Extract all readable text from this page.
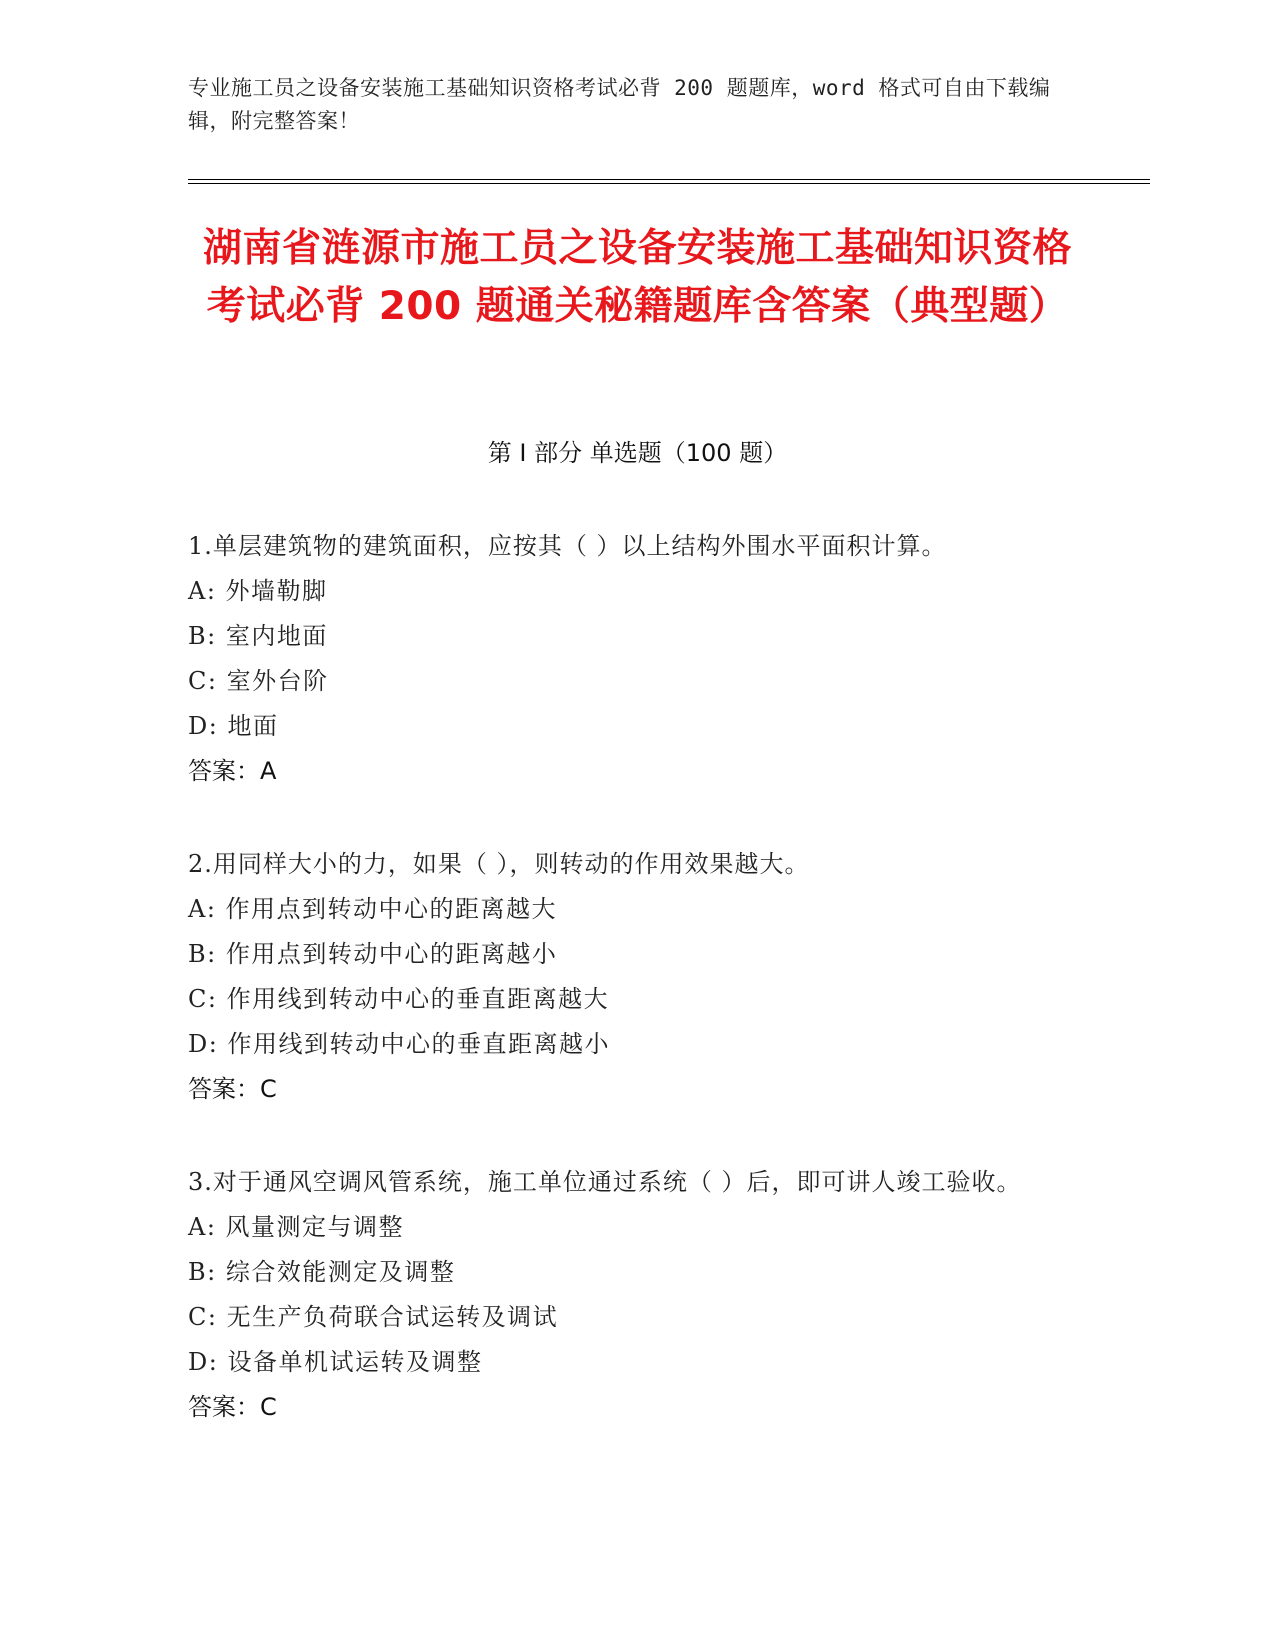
专业施工员之设备安装施工基础知识资格考试必背 200 题题库，word 格式可自由下载编辑，附完整答案！
湖南省涟源市施工员之设备安装施工基础知识资格考试必背 200 题通关秘籍题库含答案（典型题）
第 I 部分 单选题（100 题）
1.单层建筑物的建筑面积，应按其（ ）以上结构外围水平面积计算。
A: 外墙勒脚
B: 室内地面
C: 室外台阶
D: 地面
答案：A
2.用同样大小的力，如果（ ），则转动的作用效果越大。
A: 作用点到转动中心的距离越大
B: 作用点到转动中心的距离越小
C: 作用线到转动中心的垂直距离越大
D: 作用线到转动中心的垂直距离越小
答案：C
3.对于通风空调风管系统，施工单位通过系统（ ）后，即可讲人竣工验收。
A: 风量测定与调整
B: 综合效能测定及调整
C: 无生产负荷联合试运转及调试
D: 设备单机试运转及调整
答案：C
